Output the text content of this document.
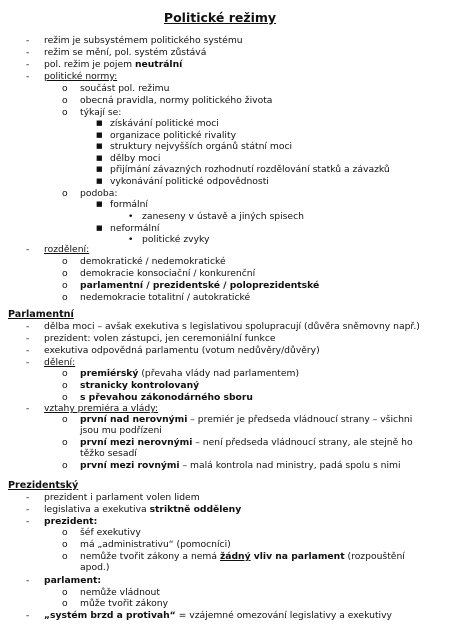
Politické režimy
- režim je subsystémem politického systému
- režim se mění, pol. systém zůstává
- pol. režim je pojem neutrální
- politické normy:
o součást pol. režimu
o obecná pravidla, normy politického života
o týkají se:
■ získávání politické moci
■ organizace politické rivality
■ struktury nejvyšších orgánů státní moci
■ dělby moci
■ přijímání závazných rozhodnutí rozdělování statků a závazků
■ vykonávání politické odpovědnosti
o podoba:
■ formální
• zaneseny v ústavě a jiných spisech
■ neformální
• politické zvyky
- rozdělení:
o demokratické / nedemokratické
o demokracie konsociační / konkurenční
o parlamentní / prezidentské / poloprezidentské
o nedemokracie totalitní / autokratické
Parlamentní
- dělba moci – avšak exekutiva s legislativou spolupracují (důvěra sněmovny např.)
- prezident: volen zástupci, jen ceremoniální funkce
- exekutiva odpovědná parlamentu (votum nedůvěry/důvěry)
- dělení:
o premiérský (převaha vlády nad parlamentem)
o stranicky kontrolovaný
o s převahou zákonodárného sboru
- vztahy premiéra a vlády:
o první nad nerovnými – premiér je předseda vládnoucí strany – všichni
jsou mu podřízeni
o první mezi nerovnými – není předseda vládnoucí strany, ale stejně ho
těžko sesadí
o první mezi rovnými – malá kontrola nad ministry, padá spolu s nimi
Prezidentský
- prezident i parlament volen lidem
- legislativa a exekutiva striktně odděleny
- prezident:
o šéf exekutivy
o má „administrativu“ (pomocníci)
o nemůže tvořit zákony a nemá žádný vliv na parlament (rozpouštění
apod.)
- parlament:
o nemůže vládnout
o může tvořit zákony
- „systém brzd a protivah“ = vzájemné omezování legislativy a exekutivy
